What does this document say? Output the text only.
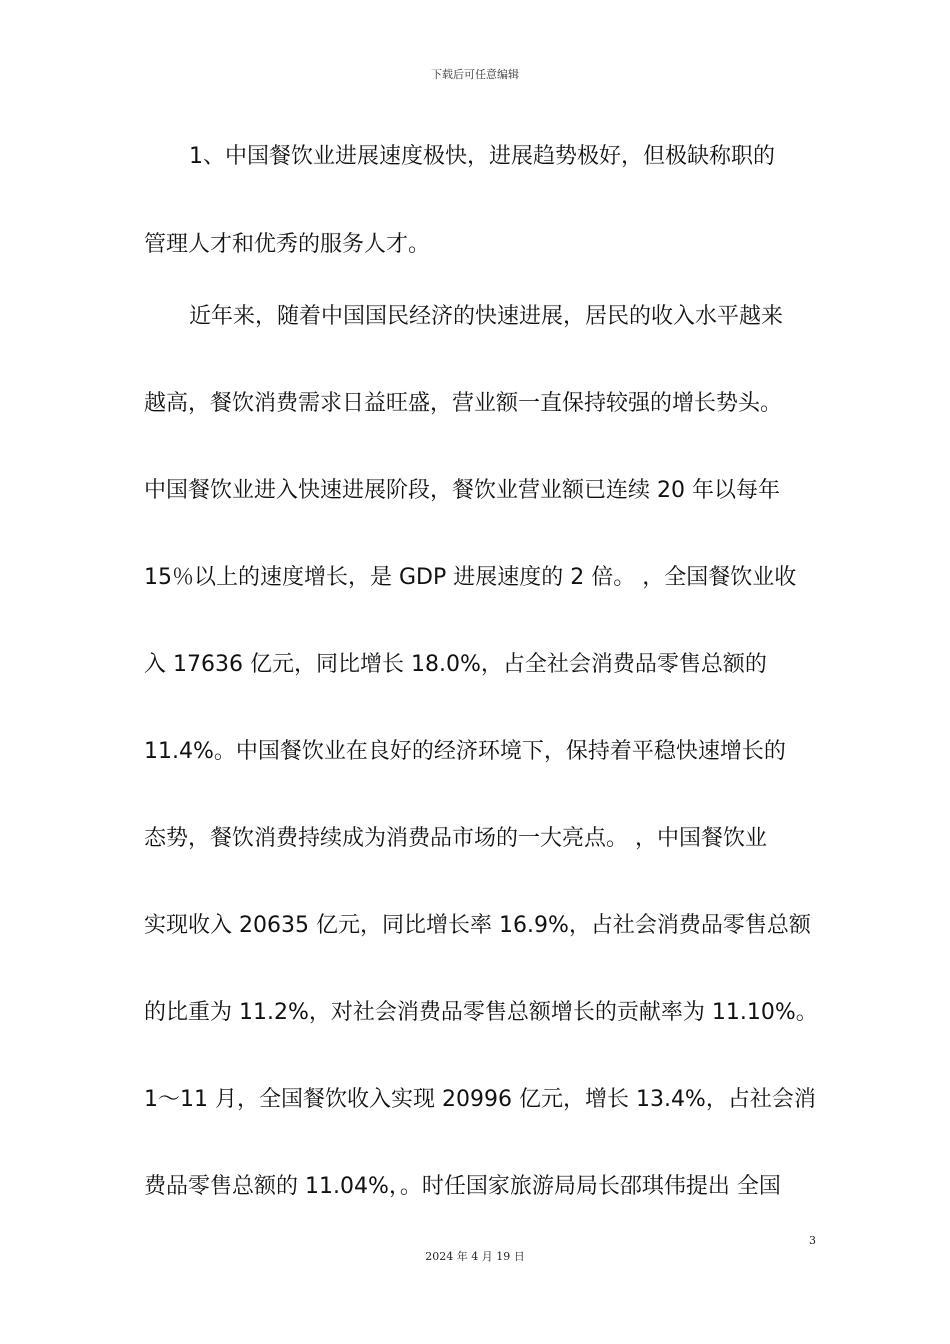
下载后可任意编辑
1、中国餐饮业进展速度极快，进展趋势极好，但极缺称职的
管理人才和优秀的服务人才。
近年来，随着中国国民经济的快速进展，居民的收入水平越来
越高，餐饮消费需求日益旺盛，营业额一直保持较强的增长势头。
中国餐饮业进入快速进展阶段，餐饮业营业额已连续 20 年以每年
15％以上的速度增长，是 GDP 进展速度的 2 倍。 ，全国餐饮业收
入 17636 亿元，同比增长 18.0%，占全社会消费品零售总额的
11.4%。中国餐饮业在良好的经济环境下，保持着平稳快速增长的
态势，餐饮消费持续成为消费品市场的一大亮点。 ，中国餐饮业
实现收入 20635 亿元，同比增长率 16.9%，占社会消费品零售总额
的比重为 11.2%，对社会消费品零售总额增长的贡献率为 11.10%。
1～11 月，全国餐饮收入实现 20996 亿元，增长 13.4%，占社会消
费品零售总额的 11.04%，。时任国家旅游局局长邵琪伟提出 全国
3
2024 年 4 月 19 日
